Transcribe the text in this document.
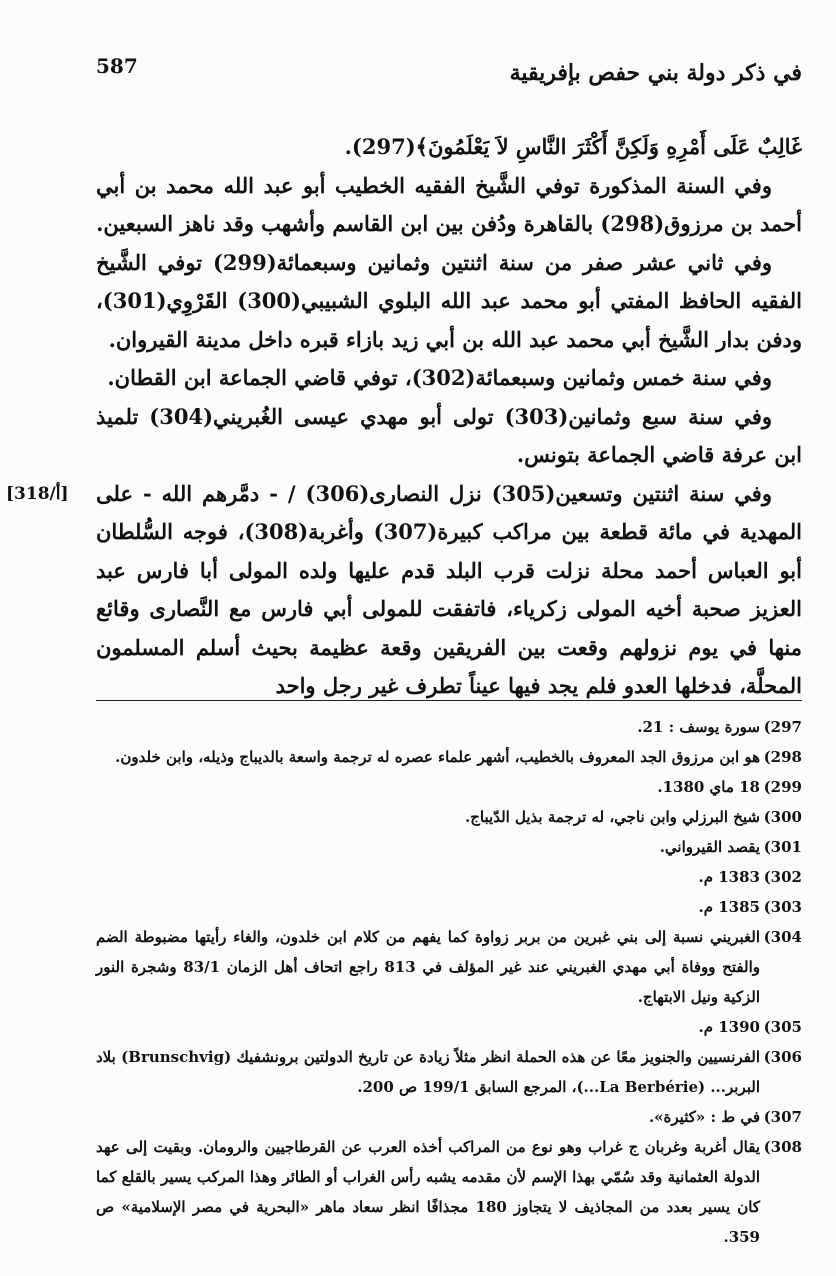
587	في ذكر دولة بني حفص بإفريقية
[318/أ]

غَالِبٌ عَلَى أَمْرِهِ وَلَكِنَّ أَكْثَرَ النَّاسِ لاَ يَعْلَمُونَ﴾(297).

وفي السنة المذكورة توفي الشَّيخ الفقيه الخطيب أبو عبد الله محمد بن أبي أحمد بن مرزوق(298) بالقاهرة ودُفن بين ابن القاسم وأشهب وقد ناهز السبعين.

وفي ثاني عشر صفر من سنة اثنتين وثمانين وسبعمائة(299) توفي الشَّيخ الفقيه الحافظ المفتي أبو محمد عبد الله البلوي الشبيبي(300) القَرْوِي(301)، ودفن بدار الشَّيخ أبي محمد عبد الله بن أبي زيد بازاء قبره داخل مدينة القيروان.

وفي سنة خمس وثمانين وسبعمائة(302)، توفي قاضي الجماعة ابن القطان.

وفي سنة سبع وثمانين(303) تولى أبو مهدي عيسى الغُبريني(304) تلميذ ابن عرفة قاضي الجماعة بتونس.

وفي سنة اثنتين وتسعين(305) نزل النصارى(306) / - دمَّرهم الله - على المهدية في مائة قطعة بين مراكب كبيرة(307) وأغربة(308)، فوجه السُّلطان أبو العباس أحمد محلة نزلت قرب البلد قدم عليها ولده المولى أبا فارس عبد العزيز صحبة أخيه المولى زكرياء، فاتفقت للمولى أبي فارس مع النَّصارى وقائع منها في يوم نزولهم وقعت بين الفريقين وقعة عظيمة بحيث أسلم المسلمون المحلَّة، فدخلها العدو فلم يجد فيها عيناً تطرف غير رجل واحد

(297
سورة يوسف : 21.
(298
هو ابن مرزوق الجد المعروف بالخطيب، أشهر علماء عصره له ترجمة واسعة بالديباج وذيله، وابن خلدون.
(299
18 ماي 1380.
(300
شيخ البرزلي وابن ناجي، له ترجمة بذيل الدّيباج.
(301
يقصد القيرواني.
(302
1383 م.
(303
1385 م.
(304
الغبريني نسبة إلى بني غبرين من بربر زواوة كما يفهم من كلام ابن خلدون، والغاء رأيتها مضبوطة الضم والفتح ووفاة أبي مهدي الغبريني عند غير المؤلف في 813 راجع اتحاف أهل الزمان 83/1 وشجرة النور الزكية ونيل الابتهاج.
(305
1390 م.
(306
الفرنسيين والجنويز معًا عن هذه الحملة انظر مثلاً زيادة عن تاريخ الدولتين برونشفيك (Brunschvig) بلاد البربر... (La Berbérie...)، المرجع السابق 199/1 ص 200.
(307
في ط : «كثيرة».
(308
يقال أغربة وغربان ج غراب وهو نوع من المراكب أخذه العرب عن القرطاجيين والرومان. وبقيت إلى عهد الدولة العثمانية وقد سُمّي بهذا الإسم لأن مقدمه يشبه رأس الغراب أو الطائر وهذا المركب يسير بالقلع كما كان يسير بعدد من المجاذيف لا يتجاوز 180 مجذافًا انظر سعاد ماهر «البحرية في مصر الإسلامية» ص 359.
